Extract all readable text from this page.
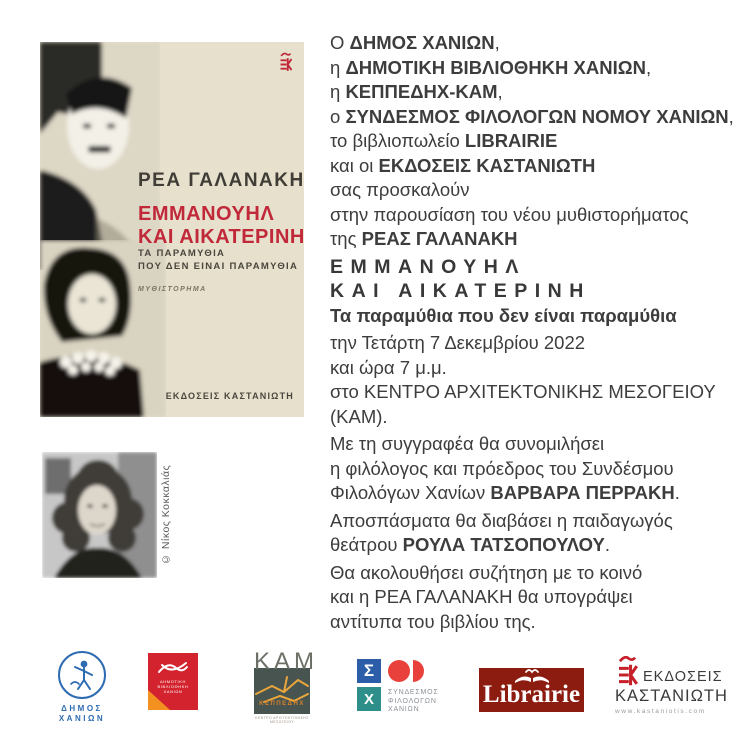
ΡΕΑ ΓΑΛΑΝΑΚΗ
ΕΜΜΑΝΟΥΗΛ
ΚΑΙ ΑΙΚΑΤΕΡΙΝΗ
ΤΑ ΠΑΡΑΜΥΘΙΑ
ΠΟΥ ΔΕΝ ΕΙΝΑΙ ΠΑΡΑΜΥΘΙΑ
ΜΥΘΙΣΤΟΡΗΜΑ
ΕΚΔΟΣΕΙΣ ΚΑΣΤΑΝΙΩΤΗ
© Νίκος Κοκκαλιάς
Ο ΔΗΜΟΣ ΧΑΝΙΩΝ,
η ΔΗΜΟΤΙΚΗ ΒΙΒΛΙΟΘΗΚΗ ΧΑΝΙΩΝ,
η ΚΕΠΠΕΔΗΧ-ΚΑΜ,
ο ΣΥΝΔΕΣΜΟΣ ΦΙΛΟΛΟΓΩΝ ΝΟΜΟΥ ΧΑΝΙΩΝ,
το βιβλιοπωλείο LIBRAIRIE
και οι ΕΚΔΟΣΕΙΣ ΚΑΣΤΑΝΙΩΤΗ
σας προσκαλούν
στην παρουσίαση του νέου μυθιστορήματος
της ΡΕΑΣ ΓΑΛΑΝΑΚΗ
ΕΜΜΑΝΟΥΗΛ
ΚΑΙ ΑΙΚΑΤΕΡΙΝΗ
Τα παραμύθια που δεν είναι παραμύθια
την Τετάρτη 7 Δεκεμβρίου 2022
και ώρα 7 μ.μ.
στο ΚΕΝΤΡΟ ΑΡΧΙΤΕΚΤΟΝΙΚΗΣ ΜΕΣΟΓΕΙΟΥ
(ΚΑΜ).
Με τη συγγραφέα θα συνομιλήσει
η φιλόλογος και πρόεδρος του Συνδέσμου
Φιλολόγων Χανίων ΒΑΡΒΑΡΑ ΠΕΡΡΑΚΗ.
Αποσπάσματα θα διαβάσει η παιδαγωγός
θεάτρου ΡΟΥΛΑ ΤΑΤΣΟΠΟΥΛΟΥ.
Θα ακολουθήσει συζήτηση με το κοινό
και η ΡΕΑ ΓΑΛΑΝΑΚΗ θα υπογράψει
αντίτυπα του βιβλίου της.
ΔΗΜΟΣ
ΧΑΝΙΩΝ
ΔΗΜΟΤΙΚΗ
ΒΙΒΛΙΟΘΗΚΗ
ΧΑΝΙΩΝ
ΚΑΜ
ΚΕΠΠΕΔΗΧ
ΚΕΝΤΡΟ ΑΡΧΙΤΕΚΤΟΝΙΚΗΣ ΜΕΣΟΓΕΙΟΥ
Σ
Χ	ΣΥΝΔΕΣΜΟΣ
ΦΙΛΟΛΟΓΩΝ
ΧΑΝΙΩΝ
Librairie
ΕΚΔΟΣΕΙΣ
ΚΑΣΤΑΝΙΩΤΗ
www.kastaniotis.com
